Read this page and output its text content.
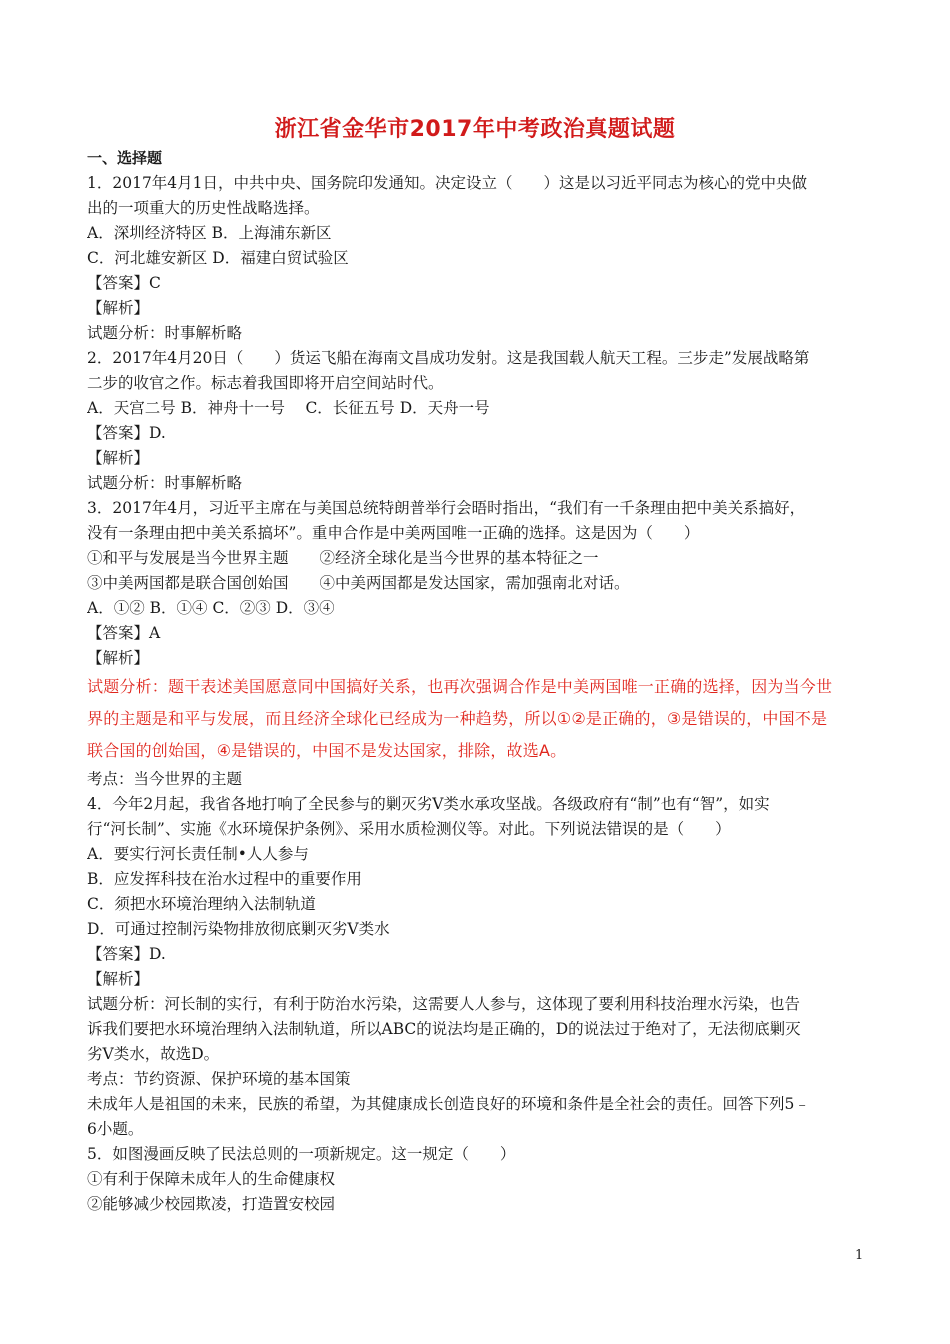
浙江省金华市2017年中考政治真题试题
一、选择题
1．2017年4月1日，中共中央、国务院印发通知。决定设立（　　）这是以习近平同志为核心的党中央做
出的一项重大的历史性战略选择。
A．深圳经济特区 B．上海浦东新区
C．河北雄安新区 D．福建白贸试验区
【答案】C
【解析】
试题分析：时事解析略
2．2017年4月20日（　　）货运飞船在海南文昌成功发射。这是我国载人航天工程。三步走”发展战略第
二步的收官之作。标志着我国即将开启空间站时代。
A．天宫二号 B．神舟十一号　 C．长征五号 D．天舟一号
【答案】D.
【解析】
试题分析：时事解析略
3．2017年4月，习近平主席在与美国总统特朗普举行会晤时指出，“我们有一千条理由把中美关系搞好，
没有一条理由把中美关系搞坏”。重申合作是中美两国唯一正确的选择。这是因为（　　）
①和平与发展是当今世界主题　　②经济全球化是当今世界的基本特征之一
③中美两国都是联合国创始国　　④中美两国都是发达国家，需加强南北对话。
A．①② B．①④ C．②③ D．③④
【答案】A
【解析】
试题分析：题干表述美国愿意同中国搞好关系，也再次强调合作是中美两国唯一正确的选择，因为当今世
界的主题是和平与发展，而且经济全球化已经成为一种趋势，所以①②是正确的，③是错误的，中国不是
联合国的创始国，④是错误的，中国不是发达国家，排除，故选A。
考点：当今世界的主题
4．今年2月起，我省各地打响了全民参与的剿灭劣Ⅴ类水承攻坚战。各级政府有“制”也有“智”，如实
行“河长制”、实施《水环境保护条例》、采用水质检测仪等。对此。下列说法错误的是（　　）
A．要实行河长责任制•人人参与
B．应发挥科技在治水过程中的重要作用
C．须把水环境治理纳入法制轨道
D．可通过控制污染物排放彻底剿灭劣Ⅴ类水
【答案】D.
【解析】
试题分析：河长制的实行，有利于防治水污染，这需要人人参与，这体现了要利用科技治理水污染，也告
诉我们要把水环境治理纳入法制轨道，所以ABC的说法均是正确的，D的说法过于绝对了，无法彻底剿灭
劣Ⅴ类水，故选D。
考点：节约资源、保护环境的基本国策
未成年人是祖国的未来，民族的希望，为其健康成长创造良好的环境和条件是全社会的责任。回答下列5﹣
6小题。
5．如图漫画反映了民法总则的一项新规定。这一规定（　　）
①有利于保障未成年人的生命健康权
②能够减少校园欺凌，打造置安校园
1
